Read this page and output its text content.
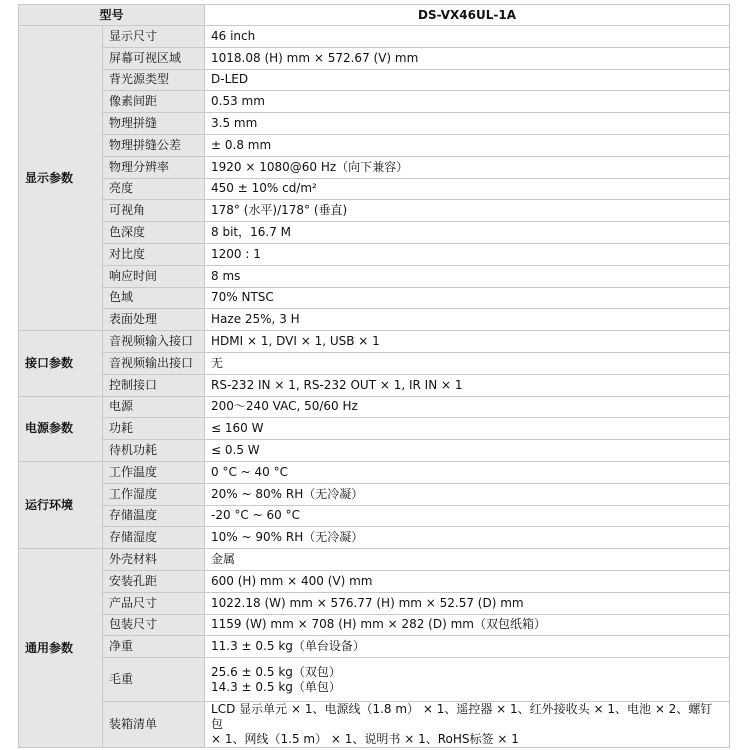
型号		DS-VX46UL-1A
显示参数	显示尺寸	46 inch
	屏幕可视区域	1018.08 (H) mm × 572.67 (V) mm
	背光源类型	D-LED
	像素间距	0.53 mm
	物理拼缝	3.5 mm
	物理拼缝公差	± 0.8 mm
	物理分辨率	1920 × 1080@60 Hz（向下兼容）
	亮度	450 ± 10% cd/m²
	可视角	178° (水平)/178° (垂直)
	色深度	8 bit，16.7 M
	对比度	1200 : 1
	响应时间	8 ms
	色域	70% NTSC
	表面处理	Haze 25%, 3 H
接口参数	音视频输入接口	HDMI × 1, DVI × 1, USB × 1
	音视频输出接口	无
	控制接口	RS-232 IN × 1, RS-232 OUT × 1, IR IN × 1
电源参数	电源	200～240 VAC, 50/60 Hz
	功耗	≤ 160 W
	待机功耗	≤ 0.5 W
运行环境	工作温度	0 °C ~ 40 °C
	工作湿度	20% ~ 80% RH（无冷凝）
	存储温度	-20 °C ~ 60 °C
	存储湿度	10% ~ 90% RH（无冷凝）
通用参数	外壳材料	金属
	安装孔距	600 (H) mm × 400 (V) mm
	产品尺寸	1022.18 (W) mm × 576.77 (H) mm × 52.57 (D) mm
	包装尺寸	1159 (W) mm × 708 (H) mm × 282 (D) mm（双包纸箱）
	净重	11.3 ± 0.5 kg（单台设备）
	毛重	25.6 ± 0.5 kg（双包）
14.3 ± 0.5 kg（单包）

	装箱清单	LCD 显示单元 × 1、电源线（1.8 m） × 1、遥控器 × 1、红外接收头 × 1、电池 × 2、螺钉包
× 1、网线（1.5 m） × 1、说明书 × 1、RoHS标签 × 1
